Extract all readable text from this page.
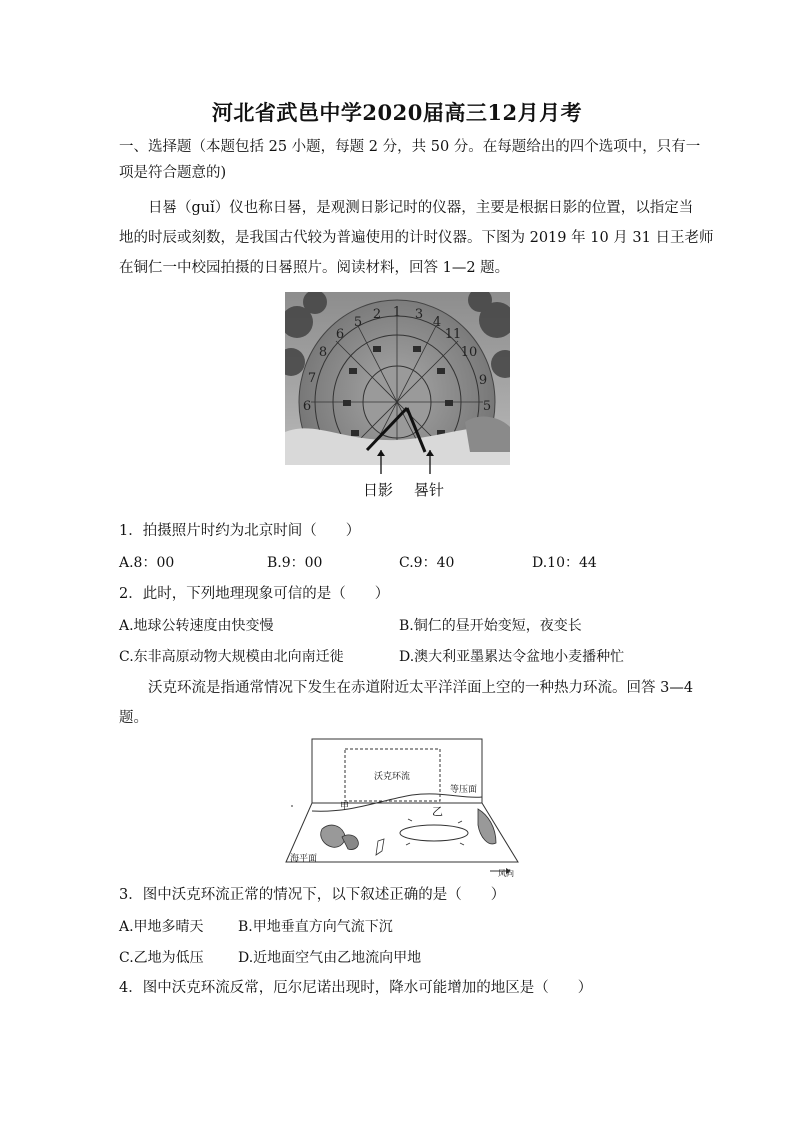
河北省武邑中学2020届高三12月月考
一、选择题（本题包括 25 小题，每题 2 分，共 50 分。在每题给出的四个选项中，只有一
项是符合题意的)
日晷（guǐ）仪也称日晷，是观测日影记时的仪器，主要是根据日影的位置，以指定当
地的时辰或刻数，是我国古代较为普遍使用的计时仪器。下图为 2019 年 10 月 31 日王老师
在铜仁一中校园拍摄的日晷照片。阅读材料，回答 1—2 题。
6
7
8
6
5
2 1 3
4
11
10
9
5
日影 晷针
1．拍摄照片时约为北京时间（　　）
A.8：00	B.9：00	C.9：40	D.10：44
2．此时，下列地理现象可信的是（　　）
A.地球公转速度由快变慢	B.铜仁的昼开始变短，夜变长
C.东非高原动物大规模由北向南迁徙	D.澳大利亚墨累达令盆地小麦播种忙
沃克环流是指通常情况下发生在赤道附近太平洋洋面上空的一种热力环流。回答 3—4
题。
沃克环流
等压面
甲	乙
海平面
风向
3．图中沃克环流正常的情况下，以下叙述正确的是（　　）
A.甲地多晴天 B.甲地垂直方向气流下沉
C.乙地为低压 D.近地面空气由乙地流向甲地
4．图中沃克环流反常，厄尔尼诺出现时，降水可能增加的地区是（　　）
